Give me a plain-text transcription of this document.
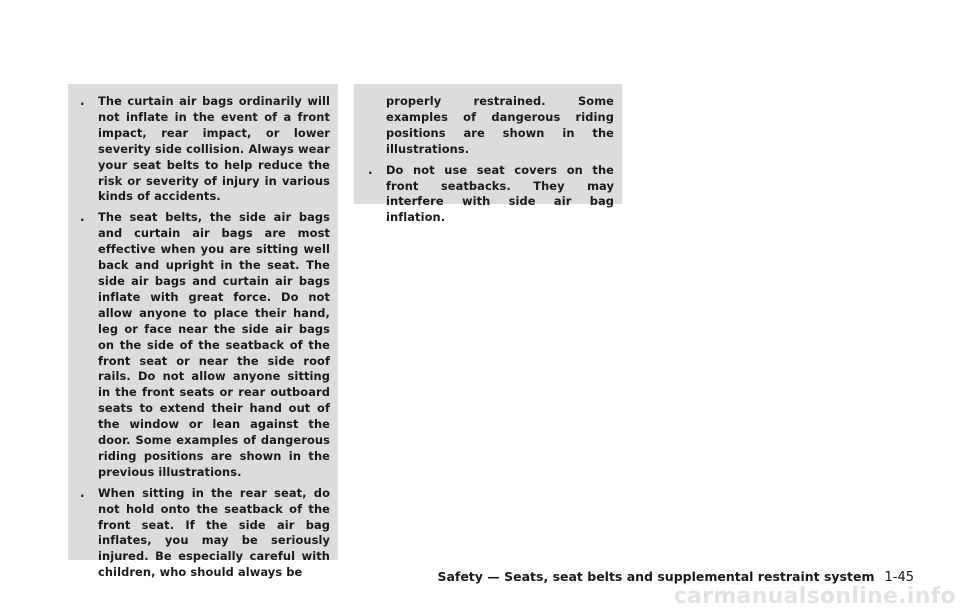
. The curtain air bags ordinarily will not inflate in the event of a front impact, rear impact, or lower severity side collision. Always wear your seat belts to help reduce the risk or severity of injury in various kinds of accidents.

. The seat belts, the side air bags and curtain air bags are most effective when you are sitting well back and upright in the seat. The side air bags and curtain air bags inflate with great force. Do not allow anyone to place their hand, leg or face near the side air bags on the side of the seatback of the front seat or near the side roof rails. Do not allow anyone sitting in the front seats or rear outboard seats to extend their hand out of the window or lean against the door. Some examples of dangerous riding positions are shown in the previous illustrations.

. When sitting in the rear seat, do not hold onto the seatback of the front seat. If the side air bag inflates, you may be seriously injured. Be especially careful with children, who should always be

properly restrained. Some examples of dangerous riding positions are shown in the illustrations.

. Do not use seat covers on the front seatbacks. They may interfere with side air bag inflation.

Safety — Seats, seat belts and supplemental restraint system 1-45
carmanualsonline.info
